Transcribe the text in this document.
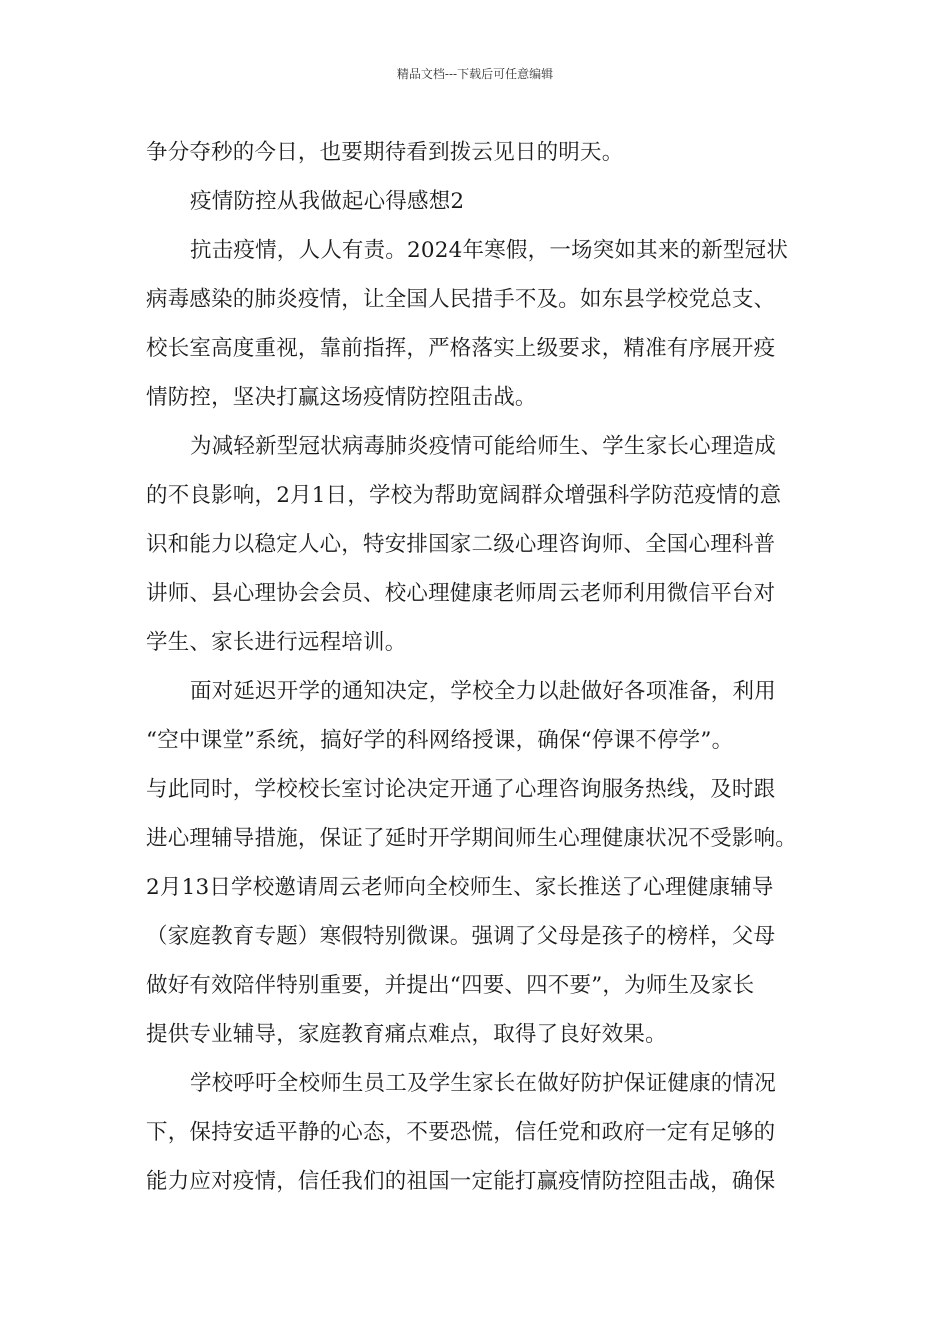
精品文档---下载后可任意编辑
争分夺秒的今日，也要期待看到拨云见日的明天。
疫情防控从我做起心得感想2
抗击疫情，人人有责。2024年寒假，一场突如其来的新型冠状
病毒感染的肺炎疫情，让全国人民措手不及。如东县学校党总支、
校长室高度重视，靠前指挥，严格落实上级要求，精准有序展开疫
情防控，坚决打赢这场疫情防控阻击战。
为减轻新型冠状病毒肺炎疫情可能给师生、学生家长心理造成
的不良影响，2月1日，学校为帮助宽阔群众增强科学防范疫情的意
识和能力以稳定人心，特安排国家二级心理咨询师、全国心理科普
讲师、县心理协会会员、校心理健康老师周云老师利用微信平台对
学生、家长进行远程培训。
面对延迟开学的通知决定，学校全力以赴做好各项准备，利用
“空中课堂”系统，搞好学的科网络授课，确保“停课不停学”。
与此同时，学校校长室讨论决定开通了心理咨询服务热线，及时跟
进心理辅导措施，保证了延时开学期间师生心理健康状况不受影响。
2月13日学校邀请周云老师向全校师生、家长推送了心理健康辅导
（家庭教育专题）寒假特别微课。强调了父母是孩子的榜样，父母
做好有效陪伴特别重要，并提出“四要、四不要”，为师生及家长
提供专业辅导，家庭教育痛点难点，取得了良好效果。
学校呼吁全校师生员工及学生家长在做好防护保证健康的情况
下，保持安适平静的心态，不要恐慌，信任党和政府一定有足够的
能力应对疫情，信任我们的祖国一定能打赢疫情防控阻击战，确保
